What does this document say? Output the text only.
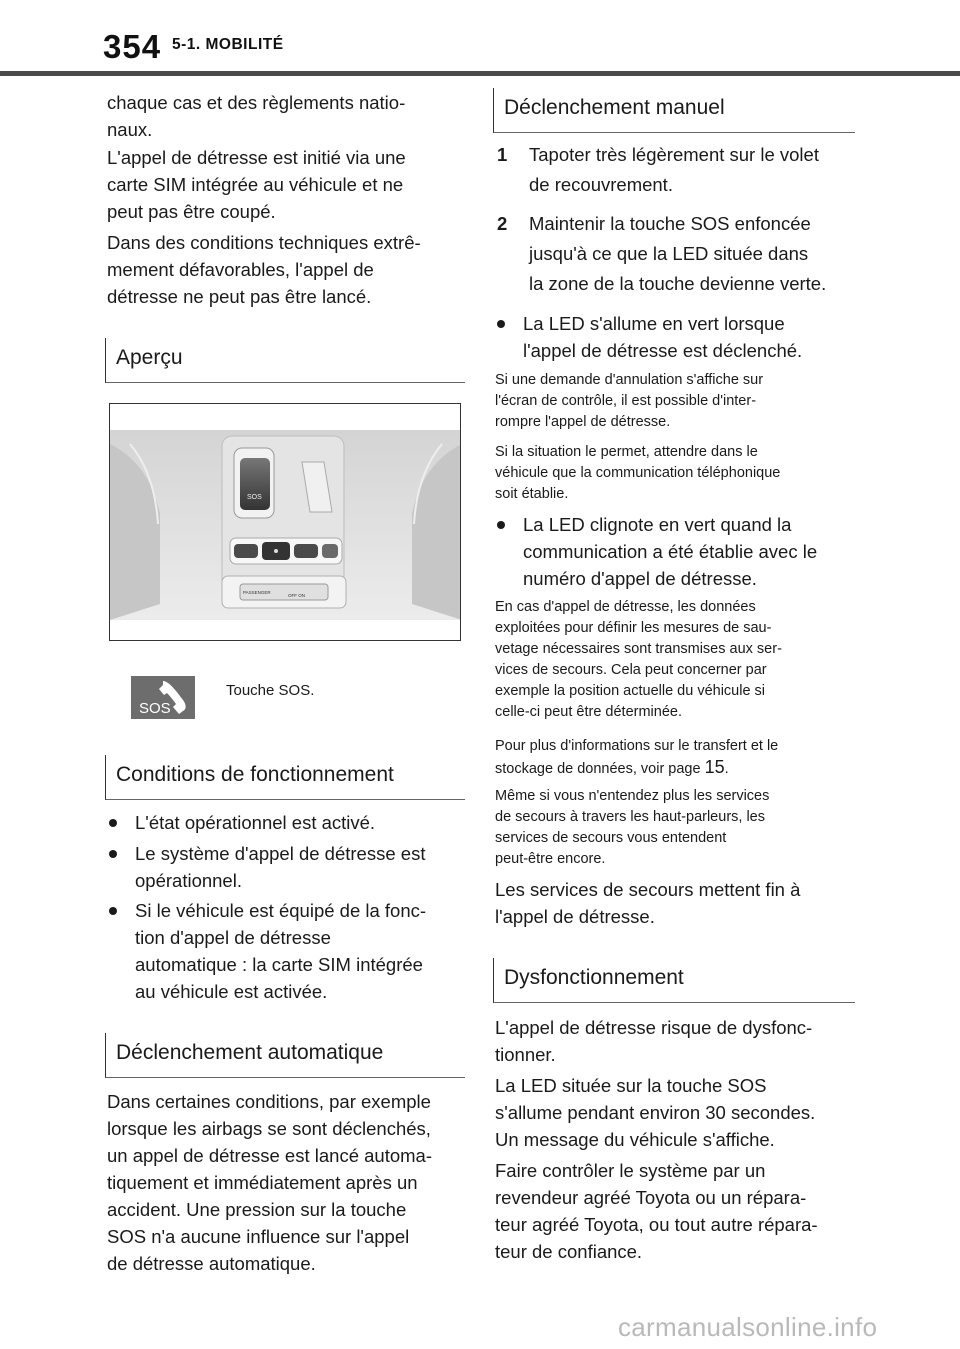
354 5-1. MOBILITÉ

chaque cas et des règlements natio-
naux.

L'appel de détresse est initié via une
carte SIM intégrée au véhicule et ne
peut pas être coupé.

Dans des conditions techniques extrê-
mement défavorables, l'appel de
détresse ne peut pas être lancé.

Aperçu
SOS
PASSENGER
OFF ON
SOS

Touche SOS.

Conditions de fonctionnement
L'état opérationnel est activé.
Le système d'appel de détresse est
opérationnel.
Si le véhicule est équipé de la fonc-
tion d'appel de détresse
automatique : la carte SIM intégrée
au véhicule est activée.
Déclenchement automatique

Dans certaines conditions, par exemple
lorsque les airbags se sont déclenchés,
un appel de détresse est lancé automa-
tiquement et immédiatement après un
accident. Une pression sur la touche
SOS n'a aucune influence sur l'appel
de détresse automatique.

Déclenchement manuel
1 Tapoter très légèrement sur le volet
de recouvrement.
2 Maintenir la touche SOS enfoncée
jusqu'à ce que la LED située dans
la zone de la touche devienne verte.
La LED s'allume en vert lorsque
l'appel de détresse est déclenché.

Si une demande d'annulation s'affiche sur
l'écran de contrôle, il est possible d'inter-
rompre l'appel de détresse.

Si la situation le permet, attendre dans le
véhicule que la communication téléphonique
soit établie.

La LED clignote en vert quand la
communication a été établie avec le
numéro d'appel de détresse.

En cas d'appel de détresse, les données
exploitées pour définir les mesures de sau-
vetage nécessaires sont transmises aux ser-
vices de secours. Cela peut concerner par
exemple la position actuelle du véhicule si
celle-ci peut être déterminée.

Pour plus d'informations sur le transfert et le
stockage de données, voir page 15.

Même si vous n'entendez plus les services
de secours à travers les haut-parleurs, les
services de secours vous entendent
peut-être encore.

Les services de secours mettent fin à
l'appel de détresse.

Dysfonctionnement

L'appel de détresse risque de dysfonc-
tionner.

La LED située sur la touche SOS
s'allume pendant environ 30 secondes.
Un message du véhicule s'affiche.

Faire contrôler le système par un
revendeur agréé Toyota ou un répara-
teur agréé Toyota, ou tout autre répara-
teur de confiance.

carmanualsonline.info
